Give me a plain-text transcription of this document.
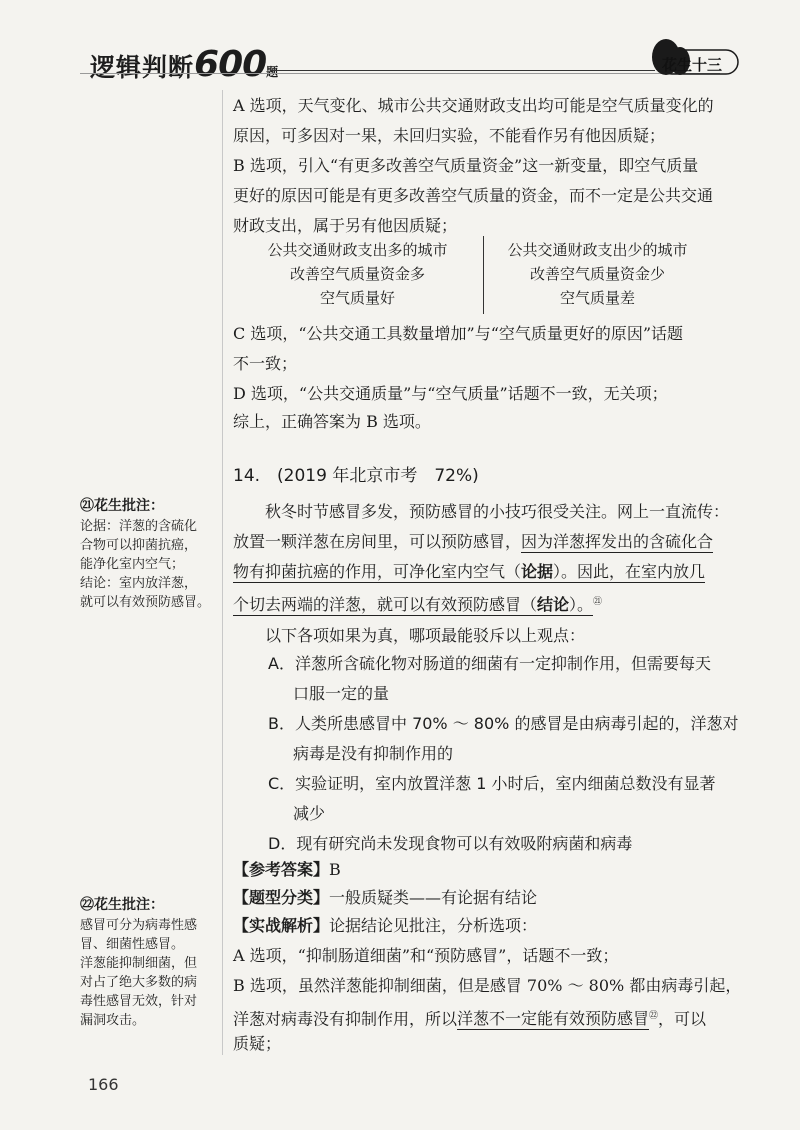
逻辑判断600题	花生十三
A 选项，天气变化、城市公共交通财政支出均可能是空气质量变化的
原因，可多因对一果，未回归实验，不能看作另有他因质疑；
B 选项，引入“有更多改善空气质量资金”这一新变量，即空气质量
更好的原因可能是有更多改善空气质量的资金，而不一定是公共交通
财政支出，属于另有他因质疑；
公共交通财政支出多的城市
改善空气质量资金多
空气质量好
公共交通财政支出少的城市
改善空气质量资金少
空气质量差
C 选项，“公共交通工具数量增加”与“空气质量更好的原因”话题
不一致；
D 选项，“公共交通质量”与“空气质量”话题不一致，无关项；
综上，正确答案为 B 选项。
14.　(2019 年北京市考　72%)
秋冬时节感冒多发，预防感冒的小技巧很受关注。网上一直流传：
放置一颗洋葱在房间里，可以预防感冒，因为洋葱挥发出的含硫化合
物有抑菌抗癌的作用，可净化室内空气（论据）。因此，在室内放几
个切去两端的洋葱，就可以有效预防感冒（结论）。$^㉑$
以下各项如果为真，哪项最能驳斥以上观点：
A．洋葱所含硫化物对肠道的细菌有一定抑制作用，但需要每天
口服一定的量
B．人类所患感冒中 70% ～ 80% 的感冒是由病毒引起的，洋葱对
病毒是没有抑制作用的
C．实验证明，室内放置洋葱 1 小时后，室内细菌总数没有显著
减少
D．现有研究尚未发现食物可以有效吸附病菌和病毒
【参考答案】B
【题型分类】一般质疑类——有论据有结论
【实战解析】论据结论见批注，分析选项：
A 选项，“抑制肠道细菌”和“预防感冒”，话题不一致；
B 选项，虽然洋葱能抑制细菌，但是感冒 70% ～ 80% 都由病毒引起，
洋葱对病毒没有抑制作用，所以洋葱不一定能有效预防感冒$^㉒$，可以
质疑；
㉑花生批注：
论据：洋葱的含硫化
合物可以抑菌抗癌，
能净化室内空气；
结论：室内放洋葱，
就可以有效预防感冒。
㉒花生批注：
感冒可分为病毒性感
冒、细菌性感冒。
洋葱能抑制细菌，但
对占了绝大多数的病
毒性感冒无效，针对
漏洞攻击。
166
